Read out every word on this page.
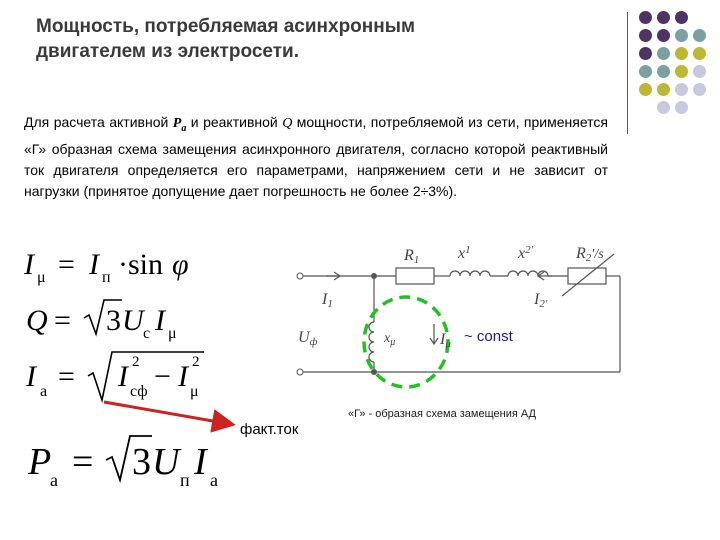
Мощность, потребляемая асинхронным
двигателем из электросети.

Для расчета активной $P_a$ и реактивной Q мощности, потребляемой из сети, применяется «Г» образная схема замещения асинхронного двигателя, согласно которой реактивный ток двигателя определяется его параметрами, напряжением сети и не зависит от нагрузки (принятое допущение дает погрешность не более 2÷3%).

I μ = I п · sin φ
Q = 3 U с I μ
I а = I 2
сф − I 2
μ
P
а = 3 U п I а
факт.ток
R1 $x^1$	$x^2'$	R2′/s
I1	I2′
Uф	$x_\mu$	Iμ ~ const
«Г» - образная схема замещения АД
